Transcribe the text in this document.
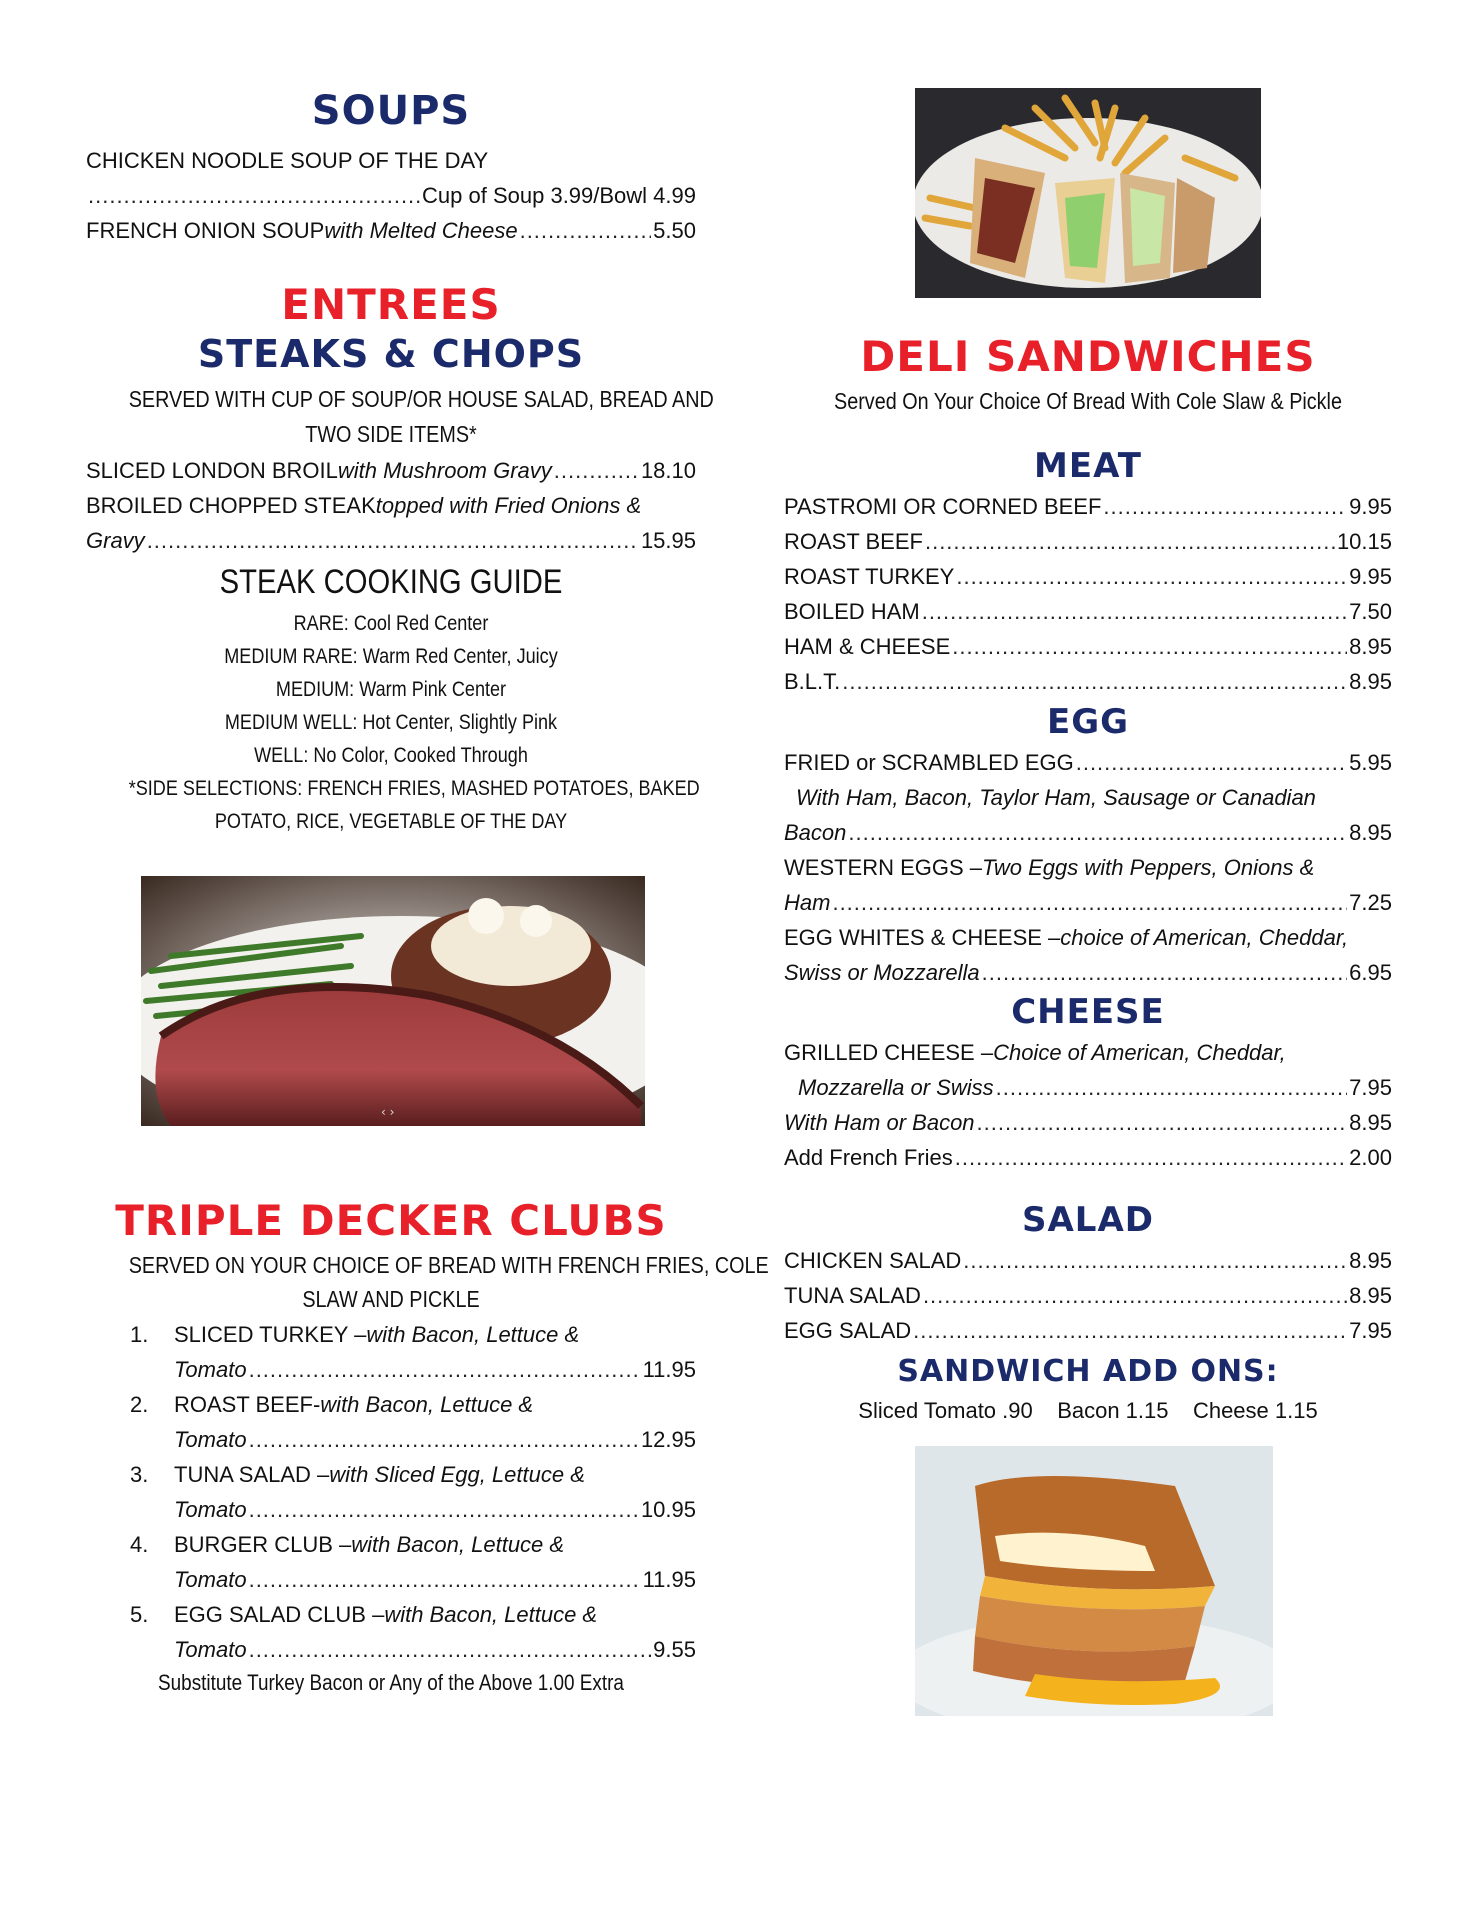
SOUPS
CHICKEN NOODLE SOUP OF THE DAY
.....
Cup of Soup 3.99/Bowl 4.99
FRENCH ONION SOUP with Melted Cheese .....	5.50
ENTREES
STEAKS & CHOPS
SERVED WITH CUP OF SOUP/OR HOUSE SALAD, BREAD AND
TWO SIDE ITEMS*
SLICED LONDON BROIL with Mushroom Gravy .....	18.10
BROILED CHOPPED STEAK topped with Fried Onions &
Gravy .....	15.95
STEAK COOKING GUIDE
RARE: Cool Red Center
MEDIUM RARE: Warm Red Center, Juicy
MEDIUM: Warm Pink Center
MEDIUM WELL: Hot Center, Slightly Pink
WELL: No Color, Cooked Through
*SIDE SELECTIONS: FRENCH FRIES, MASHED POTATOES, BAKED
POTATO, RICE, VEGETABLE OF THE DAY
‹ ›
TRIPLE DECKER CLUBS
SERVED ON YOUR CHOICE OF BREAD WITH FRENCH FRIES, COLE
SLAW AND PICKLE
1. SLICED TURKEY – with Bacon, Lettuce &
Tomato .....	11.95
2. ROAST BEEF- with Bacon, Lettuce &
Tomato .....	12.95
3. TUNA SALAD – with Sliced Egg, Lettuce &
Tomato .....	10.95
4. BURGER CLUB – with Bacon, Lettuce &
Tomato .....	11.95
5. EGG SALAD CLUB – with Bacon, Lettuce &
Tomato .....	9.55
Substitute Turkey Bacon or Any of the Above 1.00 Extra
DELI SANDWICHES
Served On Your Choice Of Bread With Cole Slaw & Pickle
MEAT
PASTROMI OR CORNED BEEF .....	9.95
ROAST BEEF .....	10.15
ROAST TURKEY .....	9.95
BOILED HAM .....	7.50
HAM & CHEESE .....	8.95
B.L.T. .....	8.95
EGG
FRIED or SCRAMBLED EGG .....	5.95
With Ham, Bacon, Taylor Ham, Sausage or Canadian
Bacon .....	8.95
WESTERN EGGS – Two Eggs with Peppers, Onions &
Ham .....	7.25
EGG WHITES & CHEESE – choice of American, Cheddar,
Swiss or Mozzarella .....	6.95
CHEESE
GRILLED CHEESE – Choice of American, Cheddar,
Mozzarella or Swiss .....	7.95
With Ham or Bacon .....	8.95
Add French Fries .....	2.00
SALAD
CHICKEN SALAD .....	8.95
TUNA SALAD .....	8.95
EGG SALAD .....	7.95
SANDWICH ADD ONS:
Sliced Tomato .90    Bacon 1.15    Cheese 1.15
